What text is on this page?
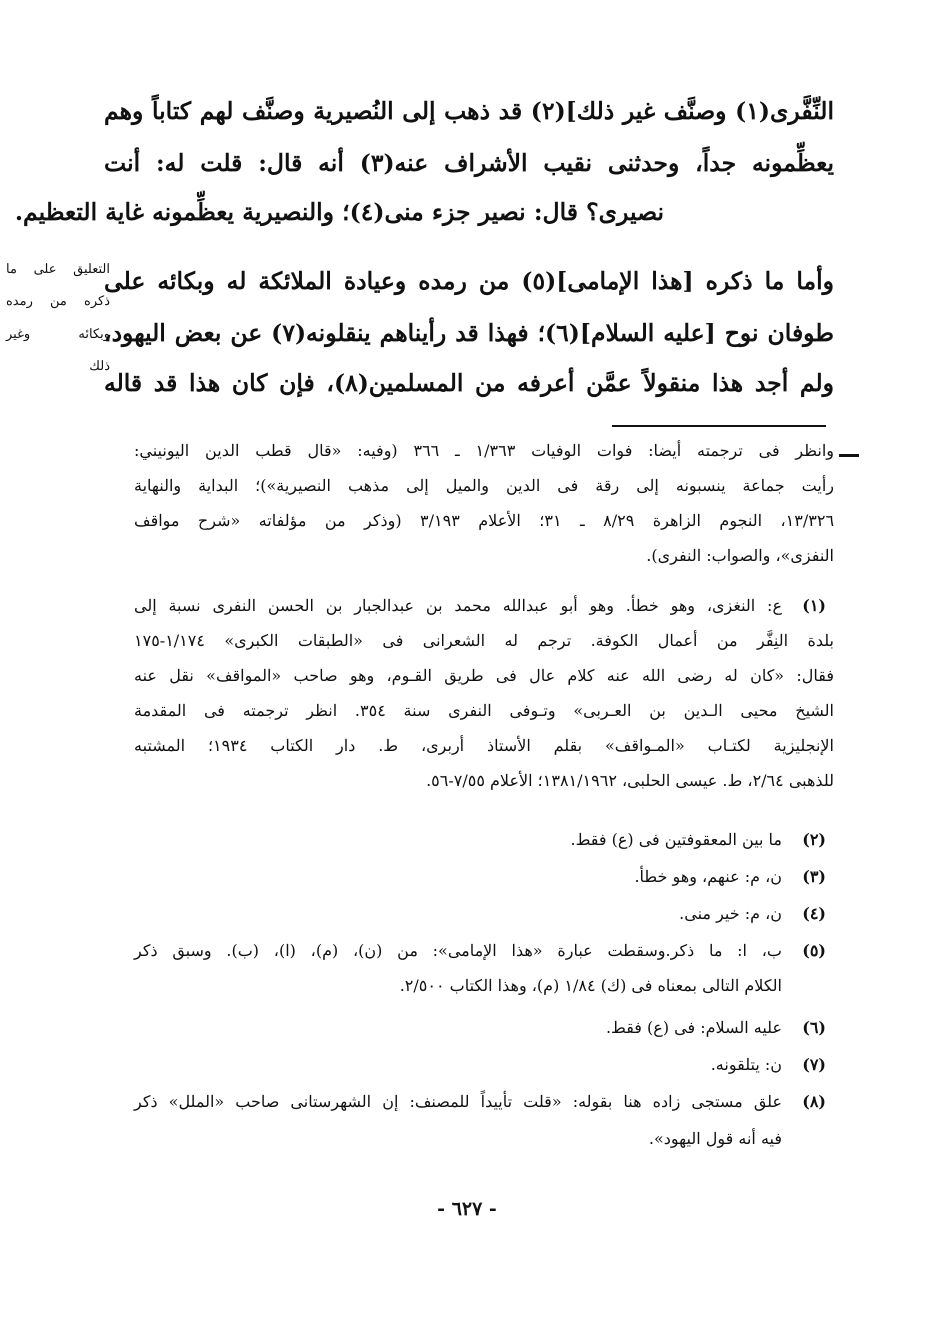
النِّفَّرى(١) وصنَّف غير ذلك](٢) قد ذهب إلى النُصيرية وصنَّف لهم كتاباً وهم
يعظِّمونه جداً، وحدثنى نقيب الأشراف عنه(٣) أنه قال: قلت له: أنت
نصيرى؟ قال: نصير جزء منى(٤)؛ والنصيرية يعظِّمونه غاية التعظيم.
وأما ما ذكره [هذا الإمامى](٥) من رمده وعيادة الملائكة له وبكائه على
طوفان نوح [عليه السلام](٦)؛ فهذا قد رأيناهم ينقلونه(٧) عن بعض اليهود،
ولم أجد هذا منقولاً عمَّن أعرفه من المسلمين(٨)، فإن كان هذا قد قاله
التعليق على ما
ذكره من رمده
وبكائه وغير
ذلك
وانظر فى ترجمته أيضا: فوات الوفيات ١/٣٦٣ ـ ٣٦٦ (وفيه: «قال قطب الدين اليونيني:
رأيت جماعة ينسبونه إلى رقة فى الدين والميل إلى مذهب النصيرية»)؛ البداية والنهاية
١٣/٣٢٦، النجوم الزاهرة ٨/٢٩ ـ ٣١؛ الأعلام ٣/١٩٣ (وذكر من مؤلفاته «شرح مواقف
النفزى»، والصواب: النفرى).
(١)
ع: النغزى، وهو خطأ. وهو أبو عبدالله محمد بن عبدالجبار بن الحسن النفرى نسبة إلى
بلدة النِفَّر من أعمال الكوفة. ترجم له الشعرانى فى «الطبقات الكبرى» ١/١٧٤-١٧٥
فقال: «كان له رضى الله عنه كلام عال فى طريق القـوم، وهو صاحب «المواقف» نقل عنه
الشيخ محيى الـدين بن العـربى» وتـوفى النفرى سنة ٣٥٤. انظر ترجمته فى المقدمة
الإنجليزية لكتـاب «المـواقف» بقلم الأستاذ أربرى، ط. دار الكتاب ١٩٣٤؛ المشتبه
للذهبى ٢/٦٤، ط. عيسى الحلبى، ١٣٨١/١٩٦٢؛ الأعلام ٧/٥٥-٥٦.
(٢)
ما بين المعقوفتين فى (ع) فقط.
(٣)
ن، م: عنهم، وهو خطأ.
(٤)
ن، م: خير منى.
(٥)
ب، ا: ما ذكر.وسقطت عبارة «هذا الإمامى»: من (ن)، (م)، (ا)، (ب). وسبق ذكر
الكلام التالى بمعناه فى (ك) ١/٨٤ (م)، وهذا الكتاب ٢/٥٠٠.
(٦)
عليه السلام: فى (ع) فقط.
(٧)
ن: يتلقونه.
(٨)
علق مستجى زاده هنا بقوله: «قلت تأييداً للمصنف: إن الشهرستانى صاحب «الملل» ذكر
فيه أنه قول اليهود».
- ٦٢٧ -
